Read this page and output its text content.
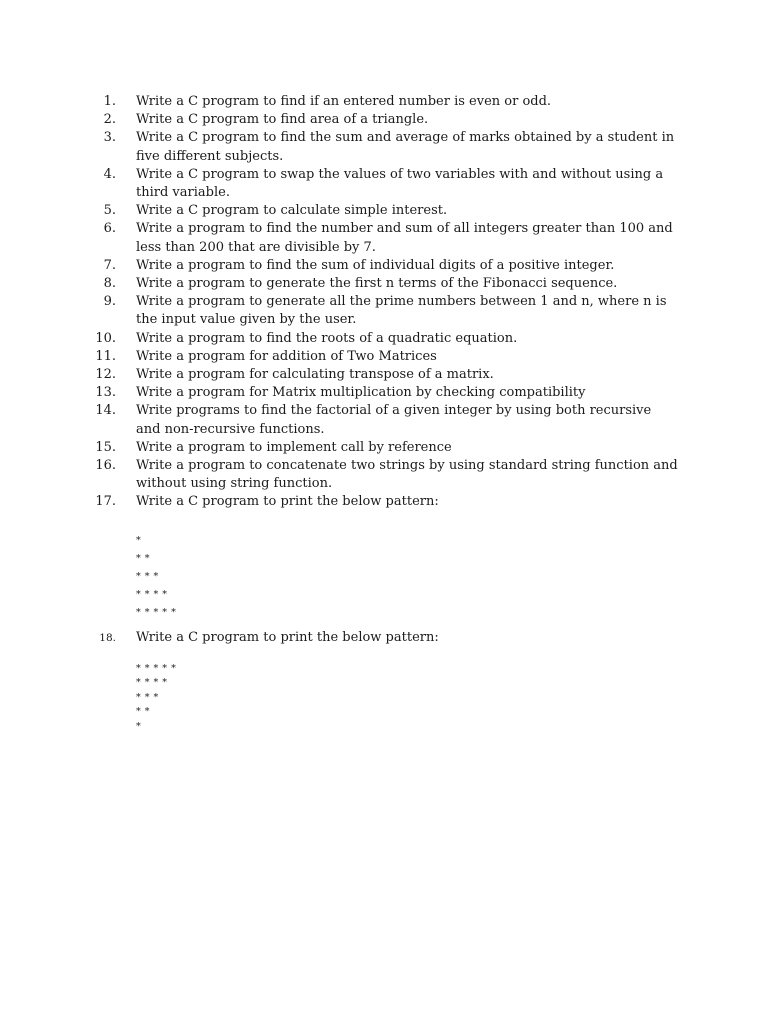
1. Write a C program to find if an entered number is even or odd.
2. Write a C program to find area of a triangle.
3. Write a C program to find the sum and average of marks obtained by a student in five different subjects.
4. Write a C program to swap the values of two variables with and without using a third variable.
5. Write a C program to calculate simple interest.
6. Write a program to find the number and sum of all integers greater than 100 and less than 200 that are divisible by 7.
7. Write a program to find the sum of individual digits of a positive integer.
8. Write a program to generate the first n terms of the Fibonacci sequence.
9. Write a program to generate all the prime numbers between 1 and n, where n is the input value given by the user.
10. Write a program to find the roots of a quadratic equation.
11. Write a program for addition of Two Matrices
12. Write a program for calculating transpose of a matrix.
13. Write a program for Matrix multiplication by checking compatibility
14. Write programs to find the factorial of a given integer by using both recursive and non-recursive functions.
15. Write a program to implement call by reference
16. Write a program to concatenate two strings by using standard string function and without using string function.
17. Write a C program to print the below pattern:
*
* *
* * *
* * * *
* * * * *
18. Write a C program to print the below pattern:
* * * * *
* * * *
* * *
* *
*
